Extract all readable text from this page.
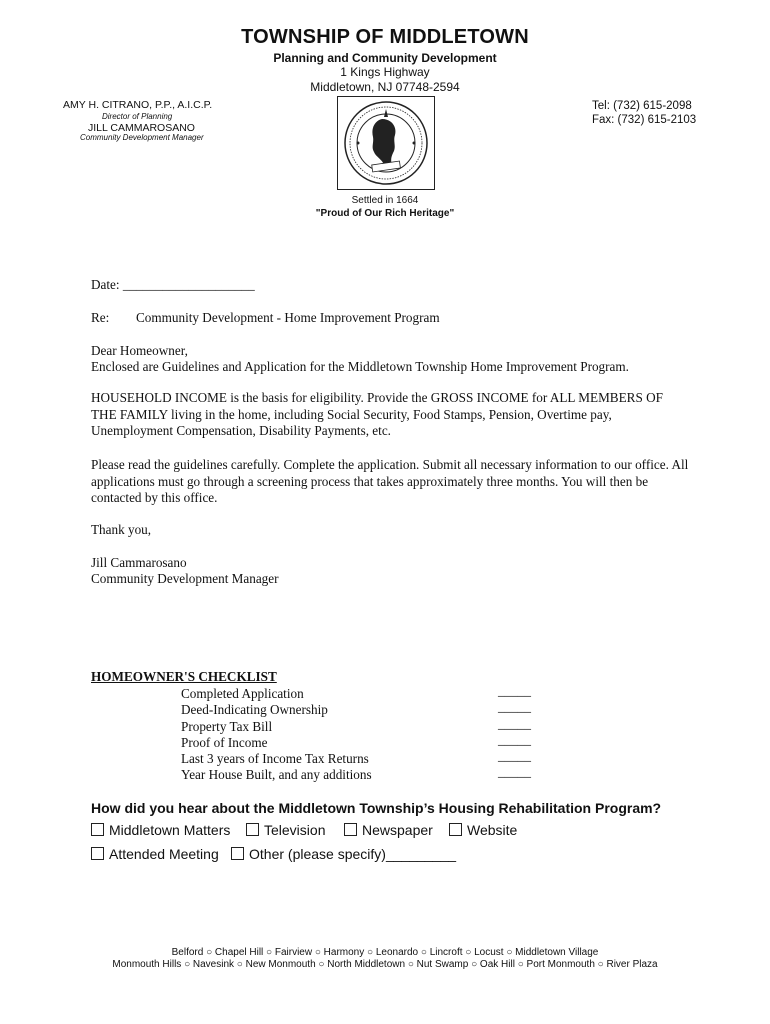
TOWNSHIP OF MIDDLETOWN
Planning and Community Development
1 Kings Highway
Middletown, NJ 07748-2594
AMY H. CITRANO, P.P., A.I.C.P.
Director of Planning
JILL CAMMAROSANO
Community Development Manager
Tel: (732) 615-2098
Fax: (732) 615-2103
Settled in 1664
"Proud of Our Rich Heritage"
Date: ____________________
Re: Community Development - Home Improvement Program
Dear Homeowner,
Enclosed are Guidelines and Application for the Middletown Township Home Improvement Program.
HOUSEHOLD INCOME is the basis for eligibility. Provide the GROSS INCOME for ALL MEMBERS OF THE FAMILY living in the home, including Social Security, Food Stamps, Pension, Overtime pay, Unemployment Compensation, Disability Payments, etc.
Please read the guidelines carefully. Complete the application. Submit all necessary information to our office. All applications must go through a screening process that takes approximately three months. You will then be contacted by this office.
Thank you,
Jill Cammarosano
Community Development Manager
HOMEOWNER'S CHECKLIST
Completed Application	_____
Deed-Indicating Ownership	_____
Property Tax Bill	_____
Proof of Income	_____
Last 3 years of Income Tax Returns	_____
Year House Built, and any additions	_____
How did you hear about the Middletown Township’s Housing Rehabilitation Program?
Middletown Matters	Television	Newspaper	Website
Attended Meeting	Other (please specify)_________
Belford ○ Chapel Hill ○ Fairview ○ Harmony ○ Leonardo ○ Lincroft ○ Locust ○ Middletown Village
Monmouth Hills ○ Navesink ○ New Monmouth ○ North Middletown ○ Nut Swamp ○ Oak Hill ○ Port Monmouth ○ River Plaza
